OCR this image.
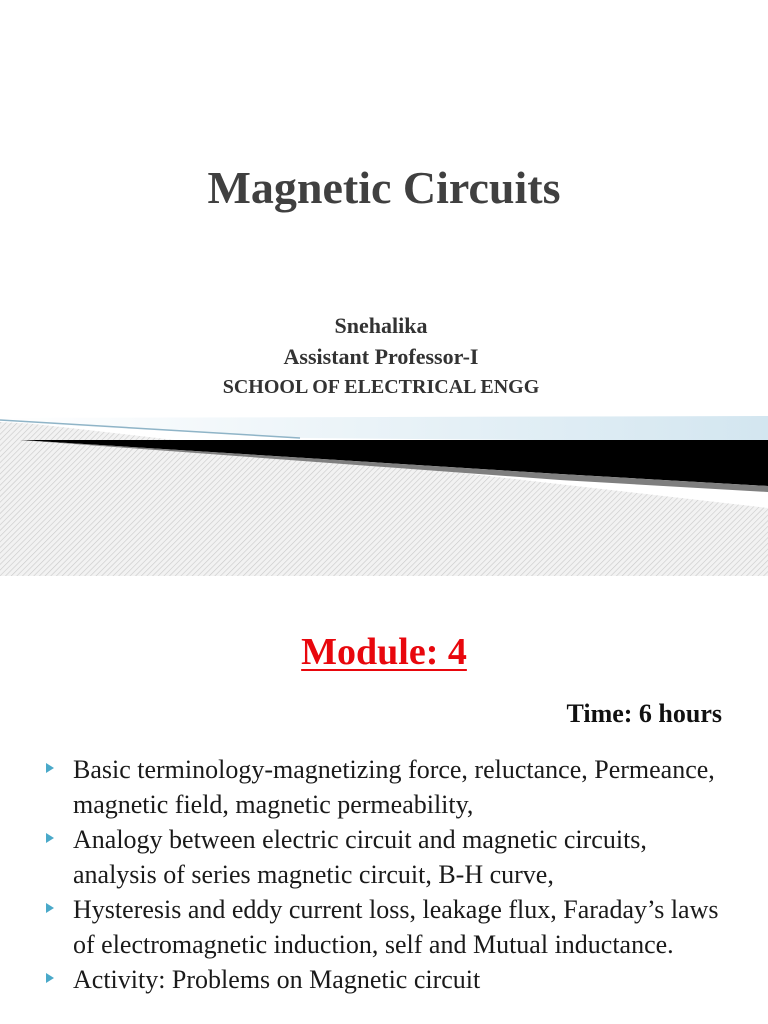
Magnetic Circuits
Snehalika
Assistant Professor-I
SCHOOL OF ELECTRICAL ENGG
Module: 4
Time: 6 hours
Basic terminology-magnetizing force, reluctance, Permeance, magnetic field, magnetic permeability,
Analogy between electric circuit and magnetic circuits, analysis of series magnetic circuit, B-H curve,
Hysteresis and eddy current loss, leakage flux, Faraday’s laws of electromagnetic induction, self and Mutual inductance.
Activity: Problems on Magnetic circuit
